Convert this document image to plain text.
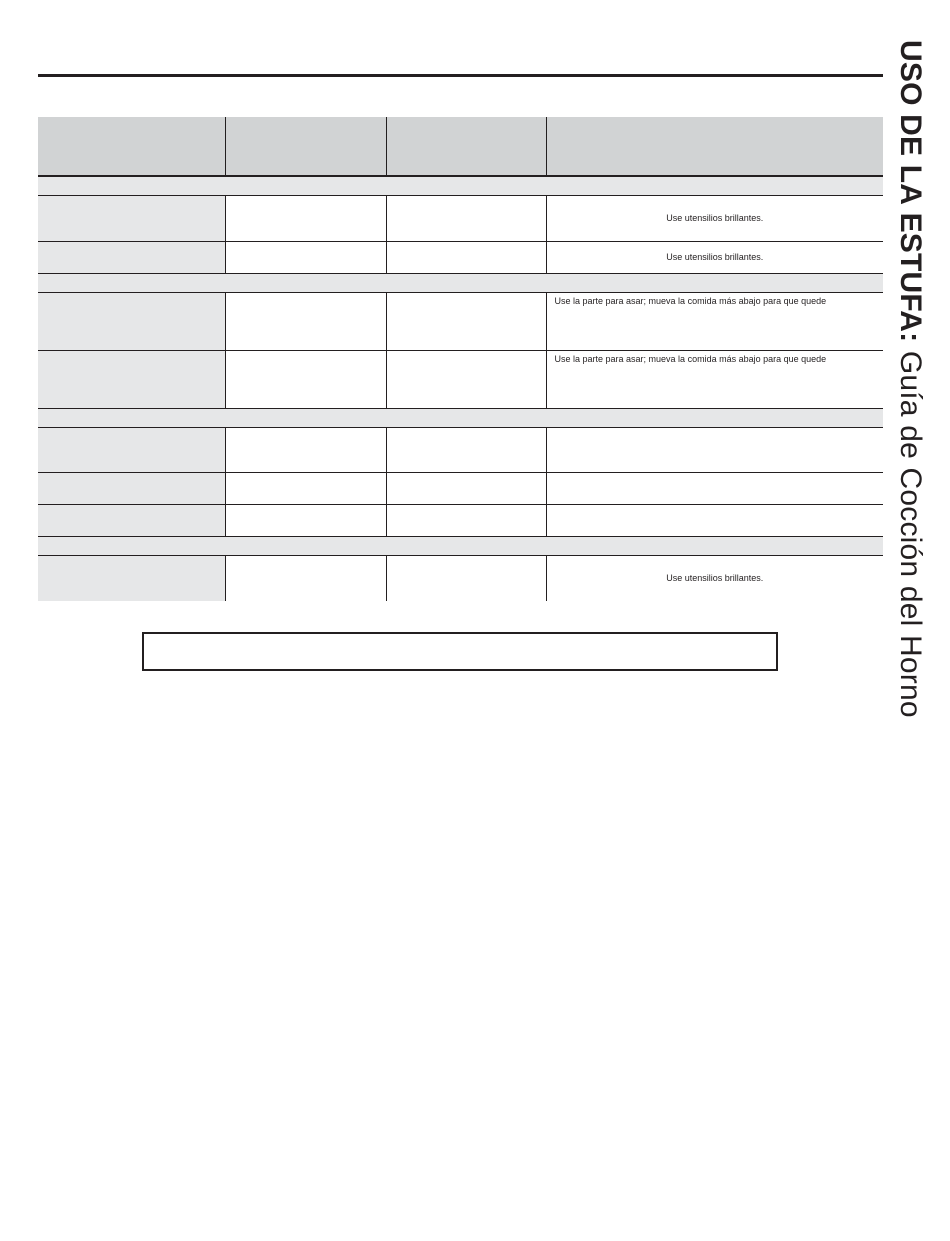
			Use utensilios brillantes.
			Use utensilios brillantes.

			Use la parte para asar; mueva la comida más abajo para que quede
			Use la parte para asar; mueva la comida más abajo para que quede

			Use utensilios brillantes.
USO DE LA ESTUFA: Guía de Cocción del Horno
